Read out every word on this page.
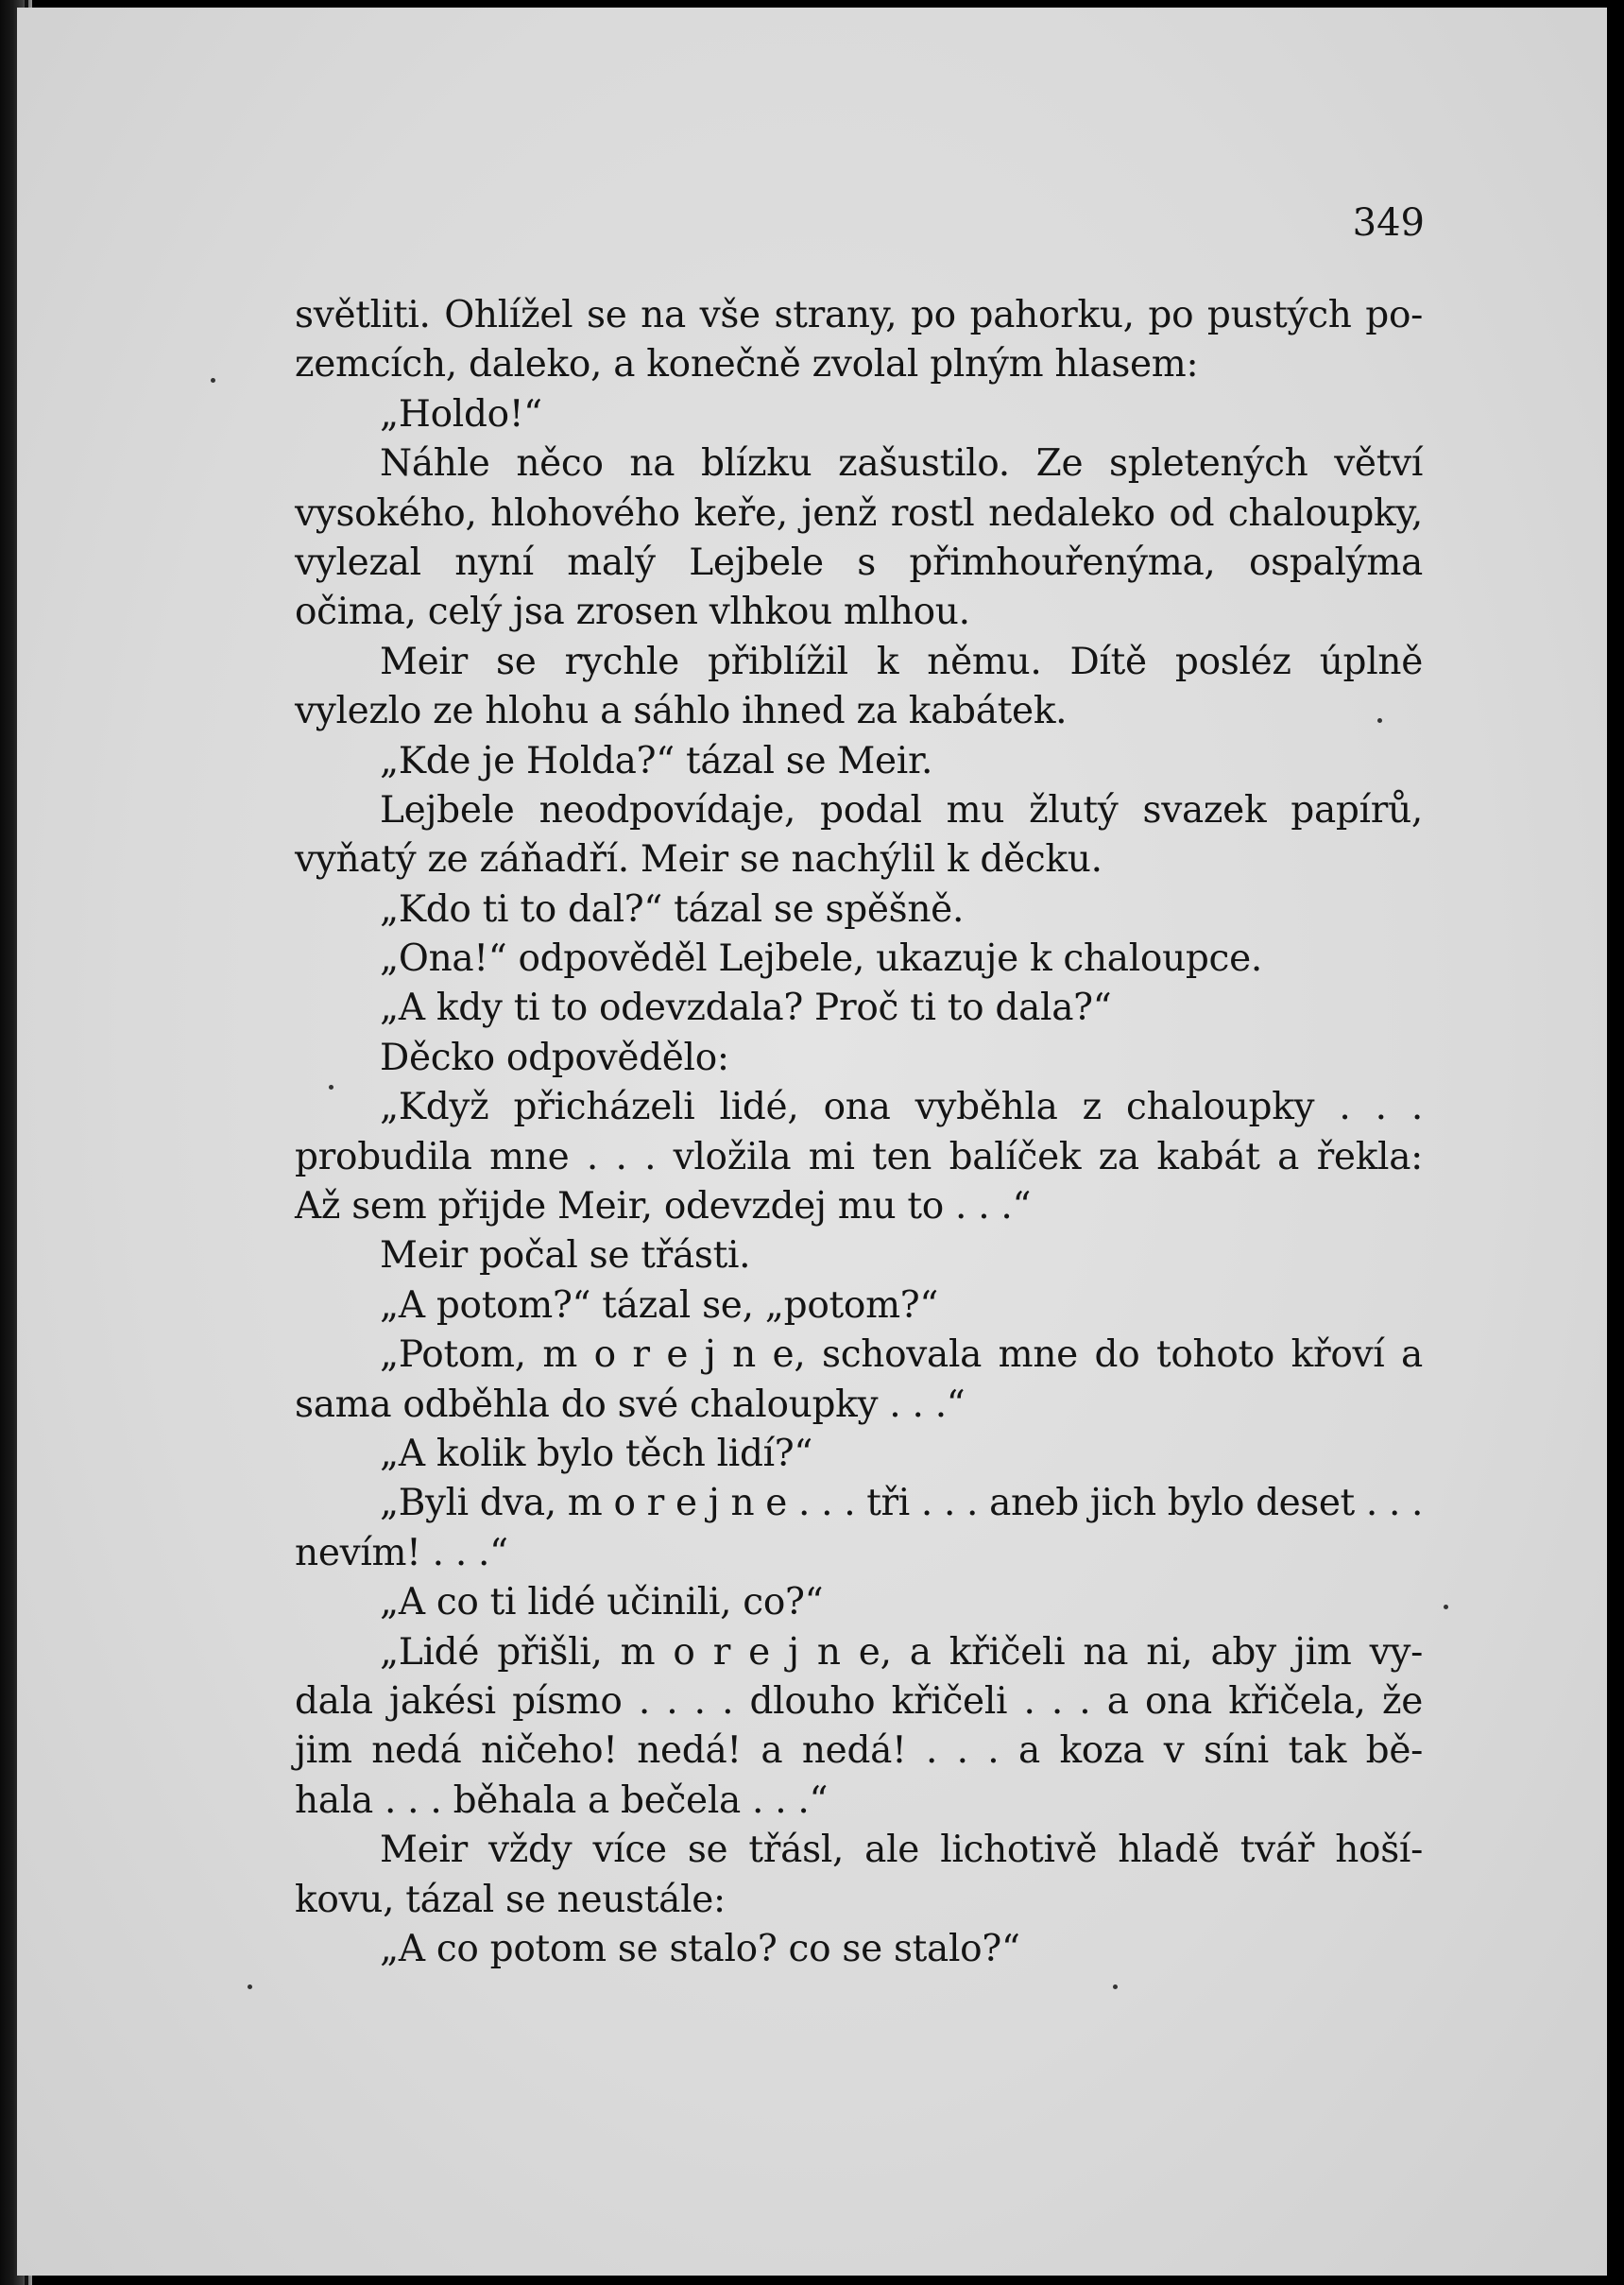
349
světliti. Ohlížel se na vše strany, po pahorku, po pustých po-
zemcích, daleko, a konečně zvolal plným hlasem:
„Holdo!“
Náhle něco na blízku zašustilo. Ze spletených větví
vysokého, hlohového keře, jenž rostl nedaleko od chaloupky,
vylezal nyní malý Lejbele s přimhouřenýma, ospalýma
očima, celý jsa zrosen vlhkou mlhou.
Meir se rychle přiblížil k němu. Dítě posléz úplně
vylezlo ze hlohu a sáhlo ihned za kabátek.
„Kde je Holda?“ tázal se Meir.
Lejbele neodpovídaje, podal mu žlutý svazek papírů,
vyňatý ze záňadří. Meir se nachýlil k děcku.
„Kdo ti to dal?“ tázal se spěšně.
„Ona!“ odpověděl Lejbele, ukazuje k chaloupce.
„A kdy ti to odevzdala? Proč ti to dala?“
Děcko odpovědělo:
„Když přicházeli lidé, ona vyběhla z chaloupky . . .
probudila mne . . . vložila mi ten balíček za kabát a řekla:
Až sem přijde Meir, odevzdej mu to . . .“
Meir počal se třásti.
„A potom?“ tázal se, „potom?“
„Potom, m o r e j n e, schovala mne do tohoto křoví a
sama odběhla do své chaloupky . . .“
„A kolik bylo těch lidí?“
„Byli dva, m o r e j n e . . . tři . . . aneb jich bylo deset . . .
nevím! . . .“
„A co ti lidé učinili, co?“
„Lidé přišli, m o r e j n e, a křičeli na ni, aby jim vy-
dala jakési písmo . . . . dlouho křičeli . . . a ona křičela, že
jim nedá ničeho! nedá! a nedá! . . . a koza v síni tak bě-
hala . . . běhala a bečela . . .“
Meir vždy více se třásl, ale lichotivě hladě tvář hoší-
kovu, tázal se neustále:
„A co potom se stalo? co se stalo?“
